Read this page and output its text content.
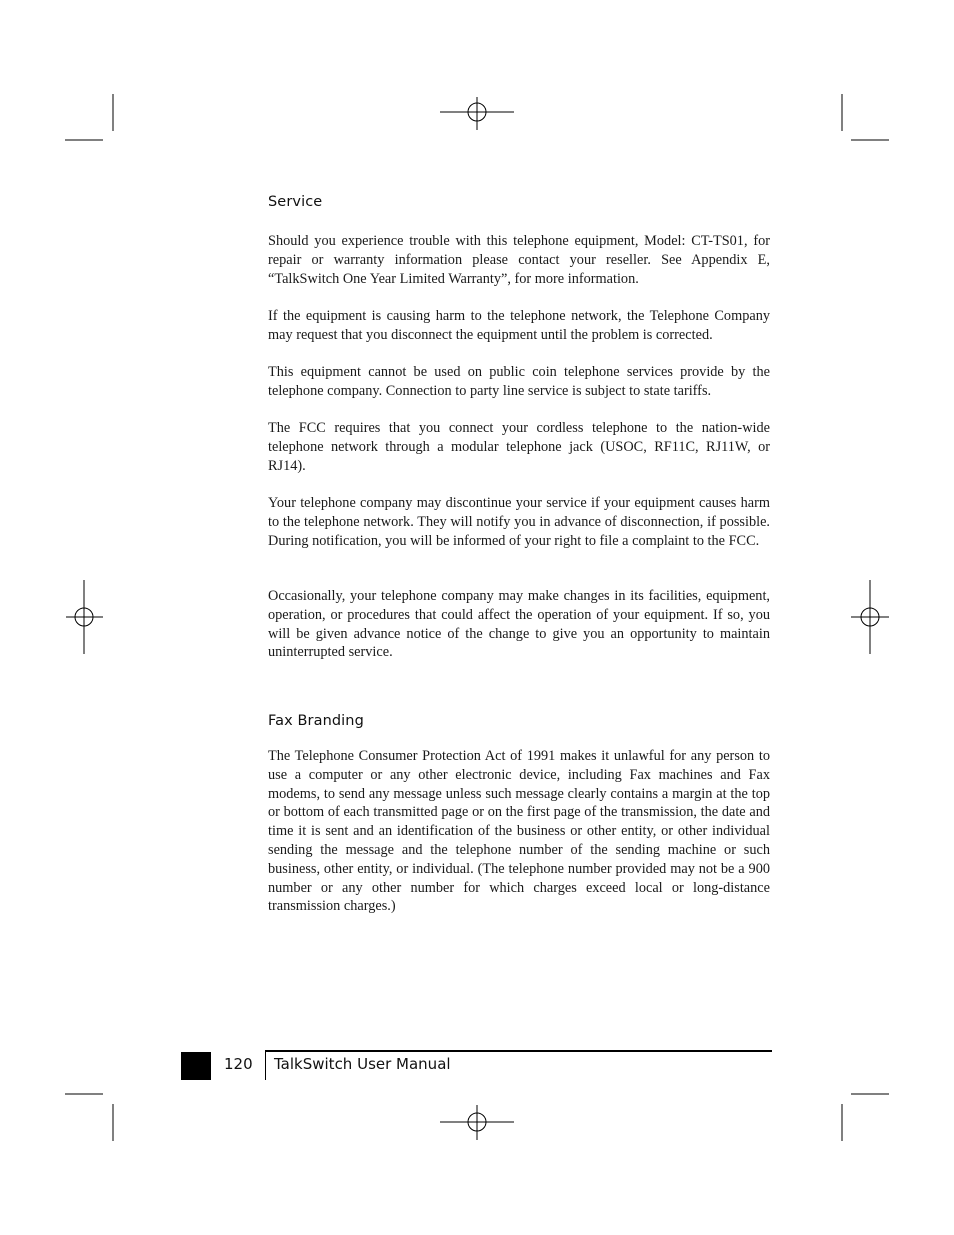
Service

Should you experience trouble with this telephone equipment, Model: CT-TS01, for repair or warranty information please contact your reseller. See Appendix E, “TalkSwitch One Year Limited Warranty”, for more information.

If the equipment is causing harm to the telephone network, the Telephone Company may request that you disconnect the equipment until the problem is corrected.

This equipment cannot be used on public coin telephone services provide by the telephone company. Connection to party line service is subject to state tariffs.

The FCC requires that you connect your cordless telephone to the nation-wide telephone network through a modular telephone jack (USOC, RF11C, RJ11W, or RJ14).

Your telephone company may discontinue your service if your equipment causes harm to the telephone network. They will notify you in advance of disconnection, if possible. During notification, you will be informed of your right to file a complaint to the FCC.

Occasionally, your telephone company may make changes in its facilities, equipment, operation, or procedures that could affect the operation of your equipment. If so, you will be given advance notice of the change to give you an opportunity to maintain uninterrupted service.

Fax Branding

The Telephone Consumer Protection Act of 1991 makes it unlawful for any person to use a computer or any other electronic device, including Fax machines and Fax modems, to send any message unless such message clearly contains a margin at the top or bottom of each transmitted page or on the first page of the transmission, the date and time it is sent and an identification of the business or other entity, or other individual sending the message and the telephone number of the sending machine or such business, other entity, or individual. (The telephone number provided may not be a 900 number or any other number for which charges exceed local or long-distance transmission charges.)

120 TalkSwitch User Manual
